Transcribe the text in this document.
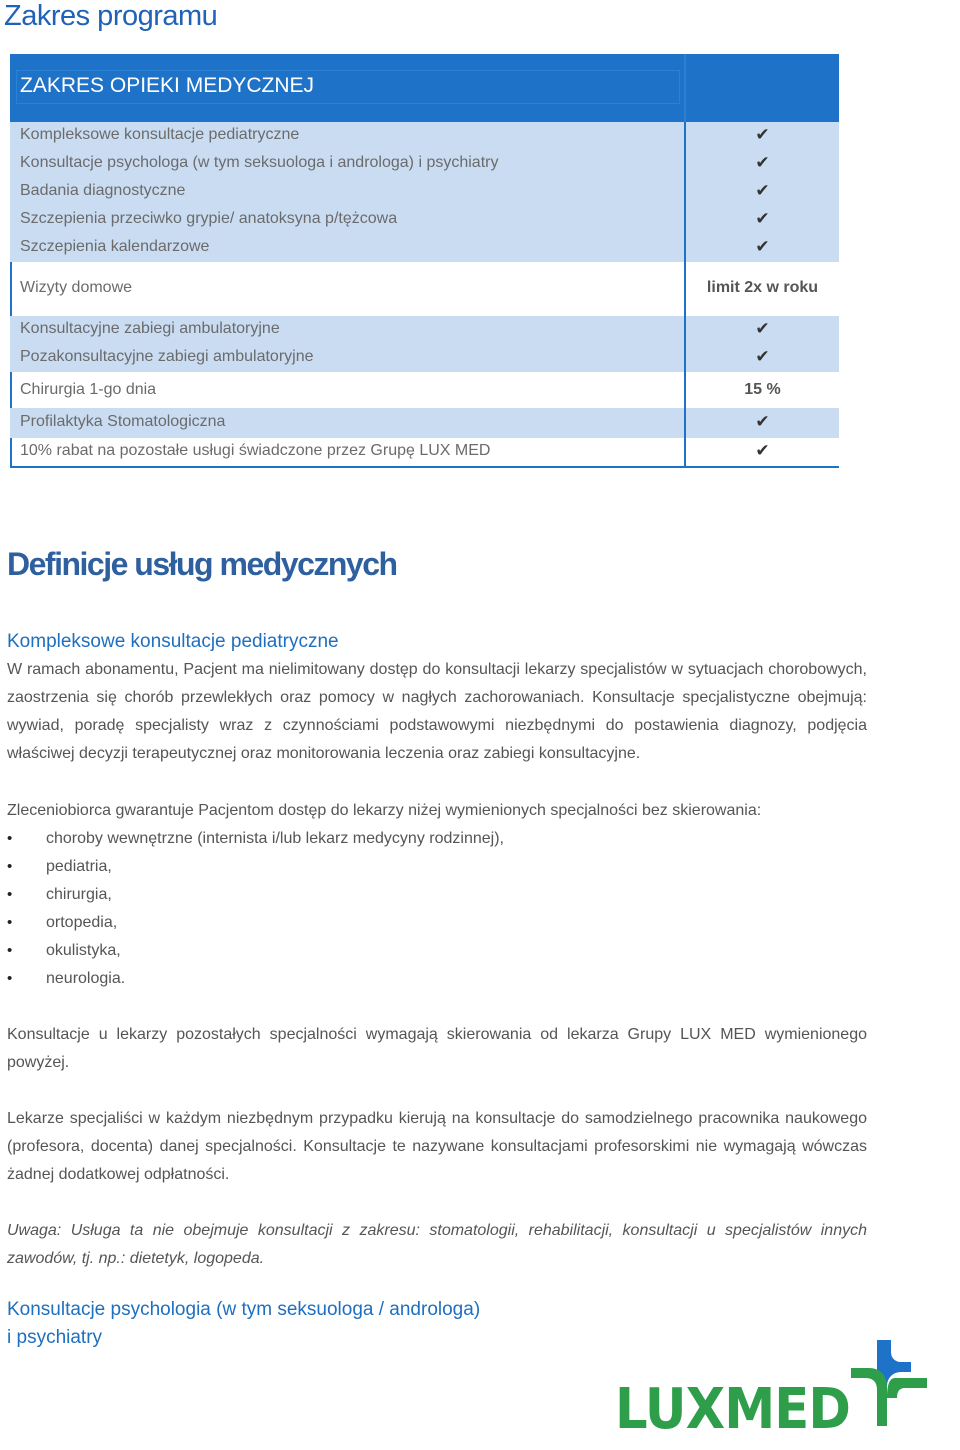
Zakres programu
ZAKRES OPIEKI MEDYCZNEJ
Kompleksowe konsultacje pediatryczne	✔
Konsultacje psychologa (w tym seksuologa i androloga) i psychiatry	✔
Badania diagnostyczne	✔
Szczepienia przeciwko grypie/ anatoksyna p/tężcowa	✔
Szczepienia kalendarzowe	✔
Wizyty domowe	limit 2x w roku
Konsultacyjne zabiegi ambulatoryjne	✔
Pozakonsultacyjne zabiegi ambulatoryjne	✔
Chirurgia 1-go dnia	15 %
Profilaktyka Stomatologiczna	✔
10% rabat na pozostałe usługi świadczone przez Grupę LUX MED	✔
Definicje usług medycznych
Kompleksowe konsultacje pediatryczne
W ramach abonamentu, Pacjent ma nielimitowany dostęp do konsultacji lekarzy specjalistów w sytuacjach chorobowych, zaostrzenia się chorób przewlekłych oraz pomocy w nagłych zachorowaniach. Konsultacje specjalistyczne obejmują: wywiad, poradę specjalisty wraz z czynnościami podstawowymi niezbędnymi do postawienia diagnozy, podjęcia właściwej decyzji terapeutycznej oraz monitorowania leczenia oraz zabiegi konsultacyjne.
Zleceniobiorca gwarantuje Pacjentom dostęp do lekarzy niżej wymienionych specjalności bez skierowania:
• choroby wewnętrzne (internista i/lub lekarz medycyny rodzinnej),
• pediatria,
• chirurgia,
• ortopedia,
• okulistyka,
• neurologia.
Konsultacje u lekarzy pozostałych specjalności wymagają skierowania od lekarza Grupy LUX MED wymienionego powyżej.
Lekarze specjaliści w każdym niezbędnym przypadku kierują na konsultacje do samodzielnego pracownika naukowego (profesora, docenta) danej specjalności. Konsultacje te nazywane konsultacjami profesorskimi nie wymagają wówczas żadnej dodatkowej odpłatności.
Uwaga: Usługa ta nie obejmuje konsultacji z zakresu: stomatologii, rehabilitacji, konsultacji u specjalistów innych zawodów, tj. np.: dietetyk, logopeda.
Konsultacje psychologia (w tym seksuologa / androloga)
i psychiatry
LUXMED
